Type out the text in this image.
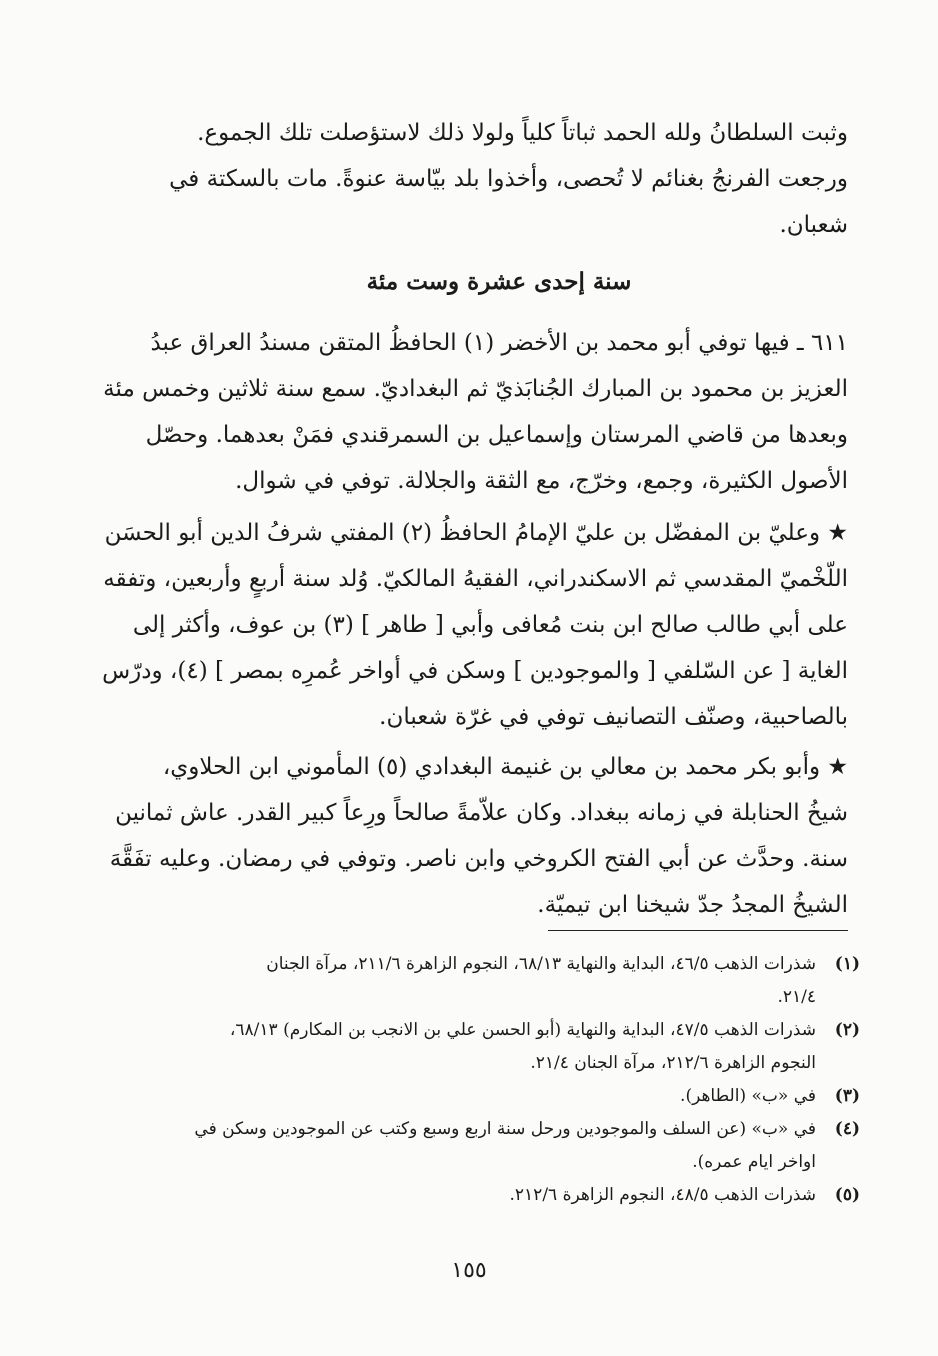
وثبت السلطانُ ولله الحمد ثباتاً كلياً ولولا ذلك لاستؤصلت تلك الجموع.
ورجعت الفرنجُ بغنائم لا تُحصى، وأخذوا بلد بيّاسة عنوةً. مات بالسكتة في
شعبان.
سنة إحدى عشرة وست مئة
٦١١ ـ فيها توفي أبو محمد بن الأخضر (١) الحافظُ المتقن مسندُ العراق عبدُ
العزيز بن محمود بن المبارك الجُنابَذيّ ثم البغداديّ. سمع سنة ثلاثين وخمس مئة
وبعدها من قاضي المرستان وإسماعيل بن السمرقندي فمَنْ بعدهما. وحصّل
الأصول الكثيرة، وجمع، وخرّج، مع الثقة والجلالة. توفي في شوال.
★ وعليّ بن المفضّل بن عليّ الإمامُ الحافظُ (٢) المفتي شرفُ الدين أبو الحسَن
اللّخْميّ المقدسي ثم الاسكندراني، الفقيهُ المالكيّ. وُلد سنة أربعٍ وأربعين، وتفقه
على أبي طالب صالح ابن بنت مُعافى وأبي [ طاهر ] (٣) بن عوف، وأكثر إلى
الغاية [ عن السّلفي [ والموجودين ] وسكن في أواخر عُمرِه بمصر ] (٤)، ودرّس
بالصاحبية، وصنّف التصانيف توفي في غرّة شعبان.
★ وأبو بكر محمد بن معالي بن غنيمة البغدادي (٥) المأموني ابن الحلاوي،
شيخُ الحنابلة في زمانه ببغداد. وكان علاّمةً صالحاً ورِعاً كبير القدر. عاش ثمانين
سنة. وحدَّث عن أبي الفتح الكروخي وابن ناصر. وتوفي في رمضان. وعليه تفَقَّهَ
الشيخُ المجدُ جدّ شيخنا ابن تيميّة.
(١)
شذرات الذهب ٤٦/٥، البداية والنهاية ٦٨/١٣، النجوم الزاهرة ٢١١/٦، مرآة الجنان
٢١/٤.
(٢)
شذرات الذهب ٤٧/٥، البداية والنهاية (أبو الحسن علي بن الانجب بن المكارم) ٦٨/١٣،
النجوم الزاهرة ٢١٢/٦، مرآة الجنان ٢١/٤.
(٣)
في «ب» (الطاهر).
(٤)
في «ب» (عن السلف والموجودين ورحل سنة اربع وسبع وكتب عن الموجودين وسكن في
اواخر ايام عمره).
(٥)
شذرات الذهب ٤٨/٥، النجوم الزاهرة ٢١٢/٦.
١٥٥
